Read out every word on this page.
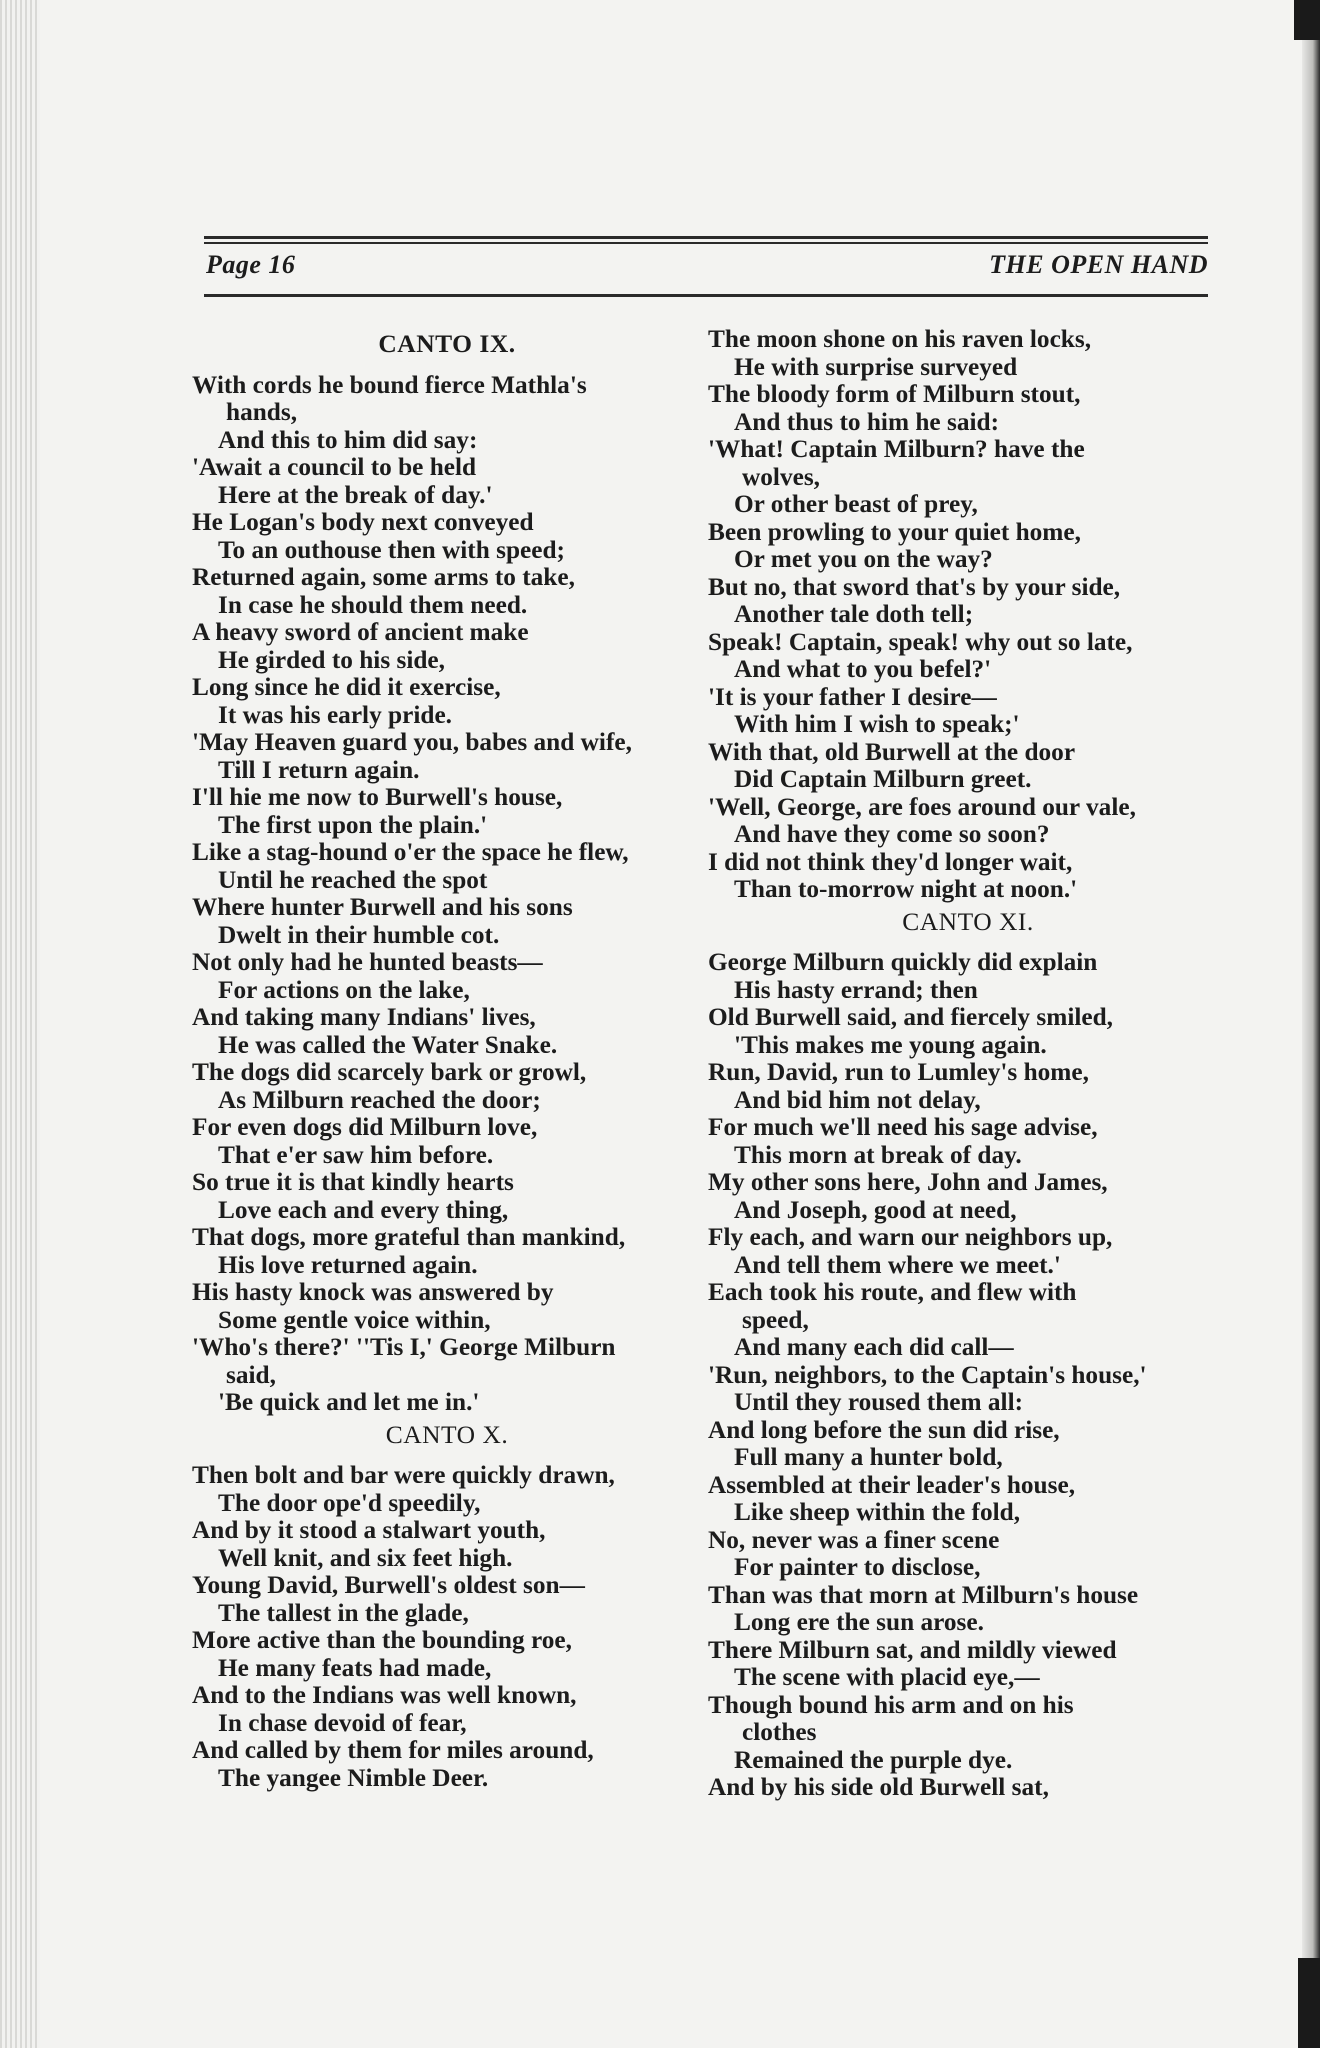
Page 16	THE OPEN HAND
CANTO IX.
With cords he bound fierce Mathla's
hands,
And this to him did say:
'Await a council to be held
Here at the break of day.'
He Logan's body next conveyed
To an outhouse then with speed;
Returned again, some arms to take,
In case he should them need.
A heavy sword of ancient make
He girded to his side,
Long since he did it exercise,
It was his early pride.
'May Heaven guard you, babes and wife,
Till I return again.
I'll hie me now to Burwell's house,
The first upon the plain.'
Like a stag-hound o'er the space he flew,
Until he reached the spot
Where hunter Burwell and his sons
Dwelt in their humble cot.
Not only had he hunted beasts—
For actions on the lake,
And taking many Indians' lives,
He was called the Water Snake.
The dogs did scarcely bark or growl,
As Milburn reached the door;
For even dogs did Milburn love,
That e'er saw him before.
So true it is that kindly hearts
Love each and every thing,
That dogs, more grateful than mankind,
His love returned again.
His hasty knock was answered by
Some gentle voice within,
'Who's there?' ''Tis I,' George Milburn
said,
'Be quick and let me in.'
CANTO X.
Then bolt and bar were quickly drawn,
The door ope'd speedily,
And by it stood a stalwart youth,
Well knit, and six feet high.
Young David, Burwell's oldest son—
The tallest in the glade,
More active than the bounding roe,
He many feats had made,
And to the Indians was well known,
In chase devoid of fear,
And called by them for miles around,
The yangee Nimble Deer.
The moon shone on his raven locks,
He with surprise surveyed
The bloody form of Milburn stout,
And thus to him he said:
'What! Captain Milburn? have the
wolves,
Or other beast of prey,
Been prowling to your quiet home,
Or met you on the way?
But no, that sword that's by your side,
Another tale doth tell;
Speak! Captain, speak! why out so late,
And what to you befel?'
'It is your father I desire—
With him I wish to speak;'
With that, old Burwell at the door
Did Captain Milburn greet.
'Well, George, are foes around our vale,
And have they come so soon?
I did not think they'd longer wait,
Than to-morrow night at noon.'
CANTO XI.
George Milburn quickly did explain
His hasty errand; then
Old Burwell said, and fiercely smiled,
'This makes me young again.
Run, David, run to Lumley's home,
And bid him not delay,
For much we'll need his sage advise,
This morn at break of day.
My other sons here, John and James,
And Joseph, good at need,
Fly each, and warn our neighbors up,
And tell them where we meet.'
Each took his route, and flew with
speed,
And many each did call—
'Run, neighbors, to the Captain's house,'
Until they roused them all:
And long before the sun did rise,
Full many a hunter bold,
Assembled at their leader's house,
Like sheep within the fold,
No, never was a finer scene
For painter to disclose,
Than was that morn at Milburn's house
Long ere the sun arose.
There Milburn sat, and mildly viewed
The scene with placid eye,—
Though bound his arm and on his
clothes
Remained the purple dye.
And by his side old Burwell sat,
